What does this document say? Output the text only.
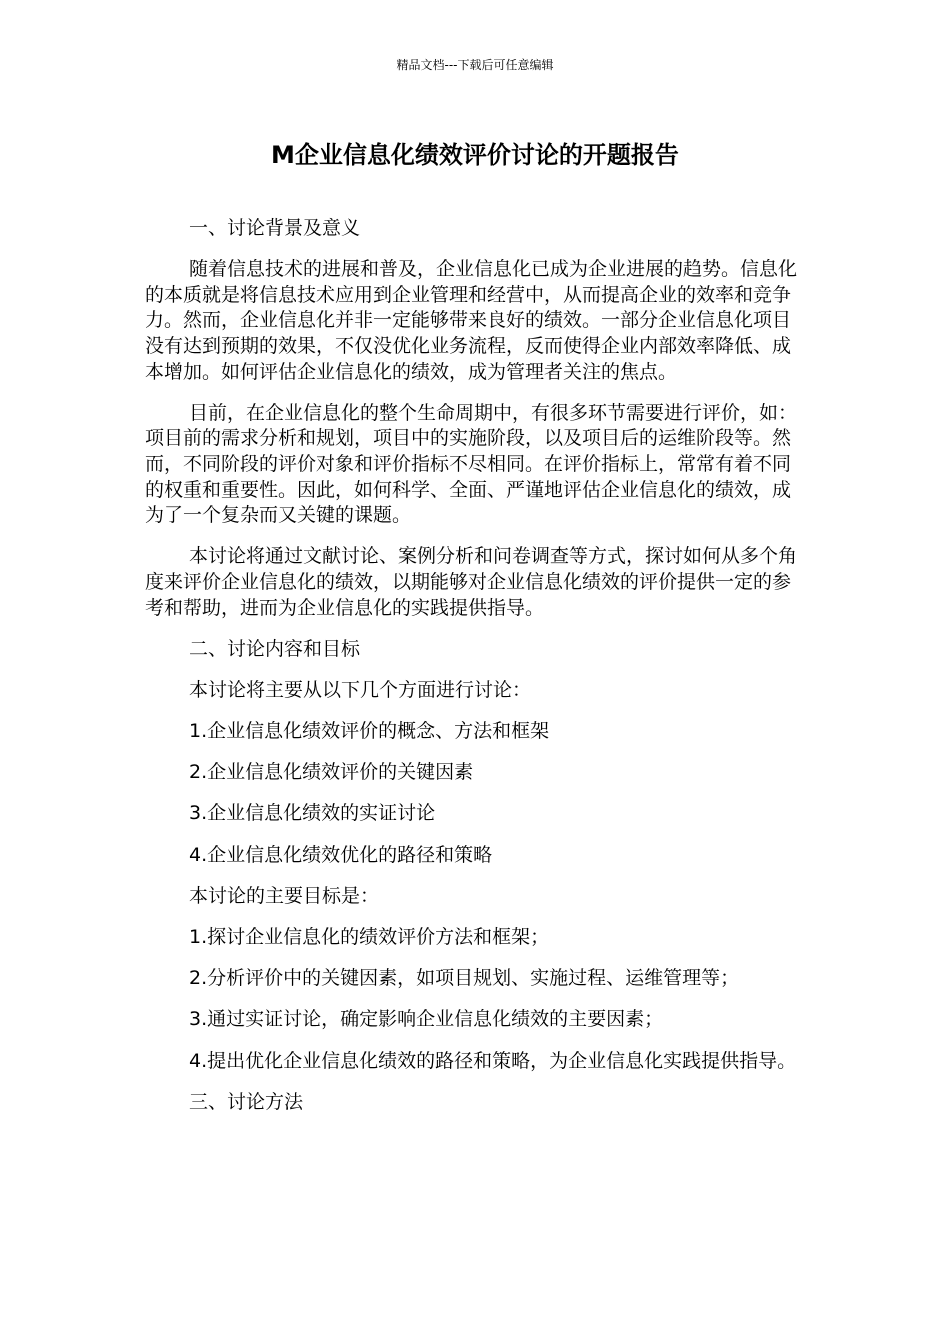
精品文档---下载后可任意编辑
M企业信息化绩效评价讨论的开题报告

一、讨论背景及意义

随着信息技术的进展和普及，企业信息化已成为企业进展的趋势。信息化的本质就是将信息技术应用到企业管理和经营中，从而提高企业的效率和竞争力。然而，企业信息化并非一定能够带来良好的绩效。一部分企业信息化项目没有达到预期的效果，不仅没优化业务流程，反而使得企业内部效率降低、成本增加。如何评估企业信息化的绩效，成为管理者关注的焦点。

目前，在企业信息化的整个生命周期中，有很多环节需要进行评价，如：项目前的需求分析和规划，项目中的实施阶段，以及项目后的运维阶段等。然而，不同阶段的评价对象和评价指标不尽相同。在评价指标上，常常有着不同的权重和重要性。因此，如何科学、全面、严谨地评估企业信息化的绩效，成为了一个复杂而又关键的课题。

本讨论将通过文献讨论、案例分析和问卷调查等方式，探讨如何从多个角度来评价企业信息化的绩效，以期能够对企业信息化绩效的评价提供一定的参考和帮助，进而为企业信息化的实践提供指导。

二、讨论内容和目标

本讨论将主要从以下几个方面进行讨论：

1.企业信息化绩效评价的概念、方法和框架

2.企业信息化绩效评价的关键因素

3.企业信息化绩效的实证讨论

4.企业信息化绩效优化的路径和策略

本讨论的主要目标是：

1.探讨企业信息化的绩效评价方法和框架；

2.分析评价中的关键因素，如项目规划、实施过程、运维管理等；

3.通过实证讨论，确定影响企业信息化绩效的主要因素；

4.提出优化企业信息化绩效的路径和策略，为企业信息化实践提供指导。

三、讨论方法
